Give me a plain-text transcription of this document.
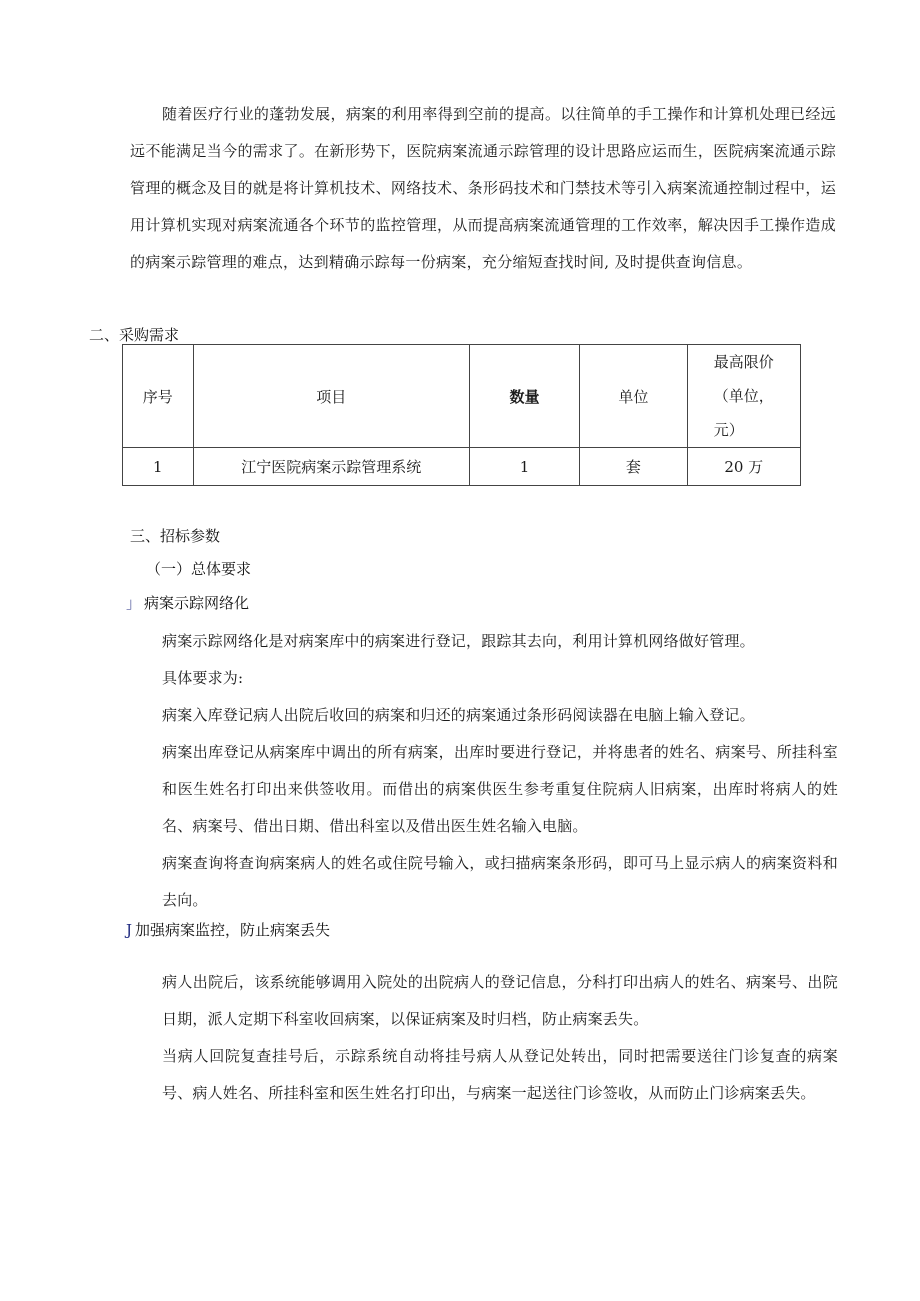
随着医疗行业的蓬勃发展，病案的利用率得到空前的提高。以往简单的手工操作和计算机处理已经远远不能满足当今的需求了。在新形势下，医院病案流通示踪管理的设计思路应运而生，医院病案流通示踪管理的概念及目的就是将计算机技术、网络技术、条形码技术和门禁技术等引入病案流通控制过程中，运用计算机实现对病案流通各个环节的监控管理，从而提高病案流通管理的工作效率，解决因手工操作造成的病案示踪管理的难点，达到精确示踪每一份病案，充分缩短查找时间, 及时提供查询信息。

二、采购需求
序号	项目	数量	单位	最高限价
（单位，
元）

1	江宁医院病案示踪管理系统	1	套	20 万
三、招标参数
（一）总体要求
」 病案示踪网络化

病案示踪网络化是对病案库中的病案进行登记，跟踪其去向，利用计算机网络做好管理。

具体要求为:

病案入库登记病人出院后收回的病案和归还的病案通过条形码阅读器在电脑上输入登记。

病案出库登记从病案库中调出的所有病案，出库时要进行登记，并将患者的姓名、病案号、所挂科室和医生姓名打印出来供签收用。而借出的病案供医生参考重复住院病人旧病案，出库时将病人的姓名、病案号、借出日期、借出科室以及借出医生姓名输入电脑。

病案查询将查询病案病人的姓名或住院号输入，或扫描病案条形码，即可马上显示病人的病案资料和去向。

J 加强病案监控，防止病案丢失

病人出院后，该系统能够调用入院处的出院病人的登记信息，分科打印出病人的姓名、病案号、出院日期，派人定期下科室收回病案，以保证病案及时归档，防止病案丢失。

当病人回院复查挂号后，示踪系统自动将挂号病人从登记处转出，同时把需要送往门诊复查的病案号、病人姓名、所挂科室和医生姓名打印出，与病案一起送往门诊签收，从而防止门诊病案丢失。
